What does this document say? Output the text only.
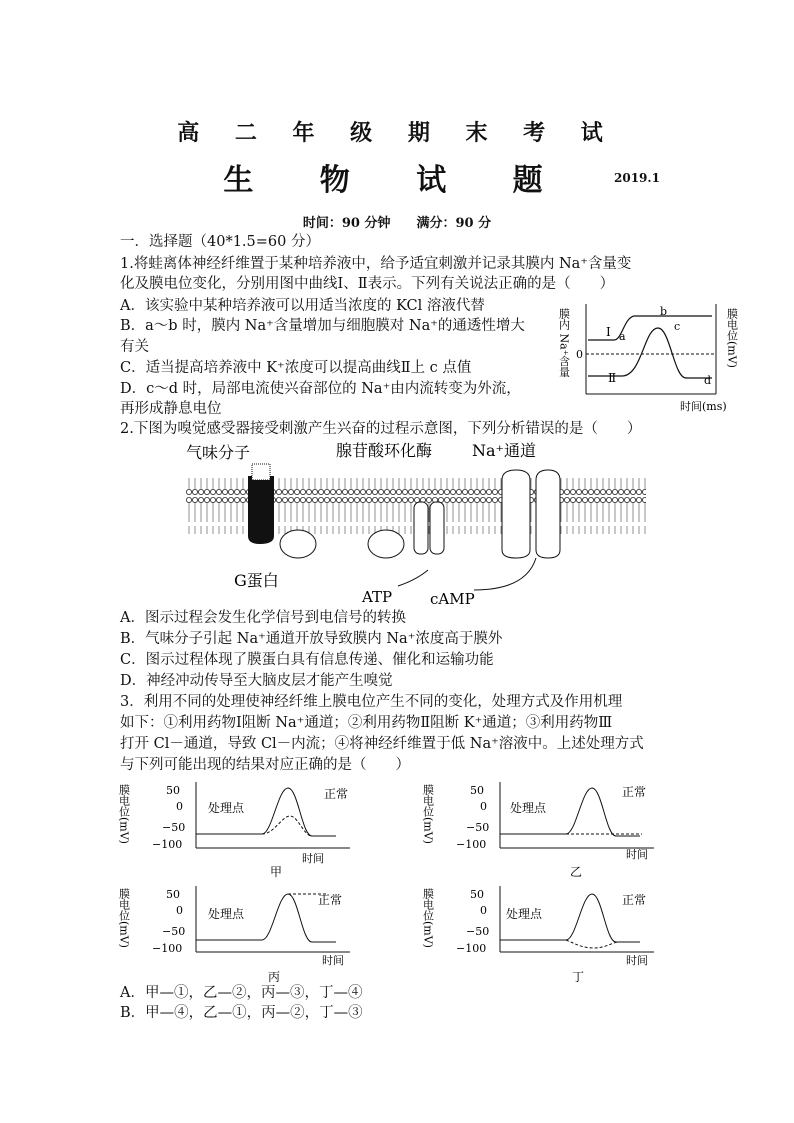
高 二 年 级 期 末 考 试
生 物 试 题	2019.1
时间：90 分钟　　满分：90 分
一．选择题（40*1.5=60 分）
1.将蛙离体神经纤维置于某种培养液中，给予适宜刺激并记录其膜内 Na⁺含量变
化及膜电位变化，分别用图中曲线Ⅰ、Ⅱ表示。下列有关说法正确的是（　　）
A．该实验中某种培养液可以用适当浓度的 KCl 溶液代替
B．a～b 时，膜内 Na⁺含量增加与细胞膜对 Na⁺的通透性增大
有关
C．适当提高培养液中 K⁺浓度可以提高曲线Ⅱ上 c 点值
D．c～d 时，局部电流使兴奋部位的 Na⁺由内流转变为外流，
再形成静息电位
膜内 Na⁺含量	膜电位(mV)
0
Ⅰ
Ⅱ
a
b
c
d
时间(ms)
2.下图为嗅觉感受器接受刺激产生兴奋的过程示意图，下列分析错误的是（　　）
气味分子	腺苷酸环化酶 Na⁺通道
G蛋白
ATP	cAMP
A．图示过程会发生化学信号到电信号的转换
B．气味分子引起 Na⁺通道开放导致膜内 Na⁺浓度高于膜外
C．图示过程体现了膜蛋白具有信息传递、催化和运输功能
D．神经冲动传导至大脑皮层才能产生嗅觉
3．利用不同的处理使神经纤维上膜电位产生不同的变化，处理方式及作用机理
如下：①利用药物Ⅰ阻断 Na⁺通道；②利用药物Ⅱ阻断 K⁺通道；③利用药物Ⅲ
打开 Cl－通道，导致 Cl－内流；④将神经纤维置于低 Na⁺溶液中。上述处理方式
与下列可能出现的结果对应正确的是（　　）
膜电位(mV)	50
0
−50
−100
处理点
正常
时间
甲
膜电位(mV)	50
0
−50
−100
处理点
正常
时间
乙
膜电位(mV)	50
0
−50
−100
处理点
正常
时间
丙
膜电位(mV)	50
0
−50
−100
处理点
正常
时间
丁
A．甲—①，乙—②，丙—③，丁—④
B．甲—④，乙—①，丙—②，丁—③
